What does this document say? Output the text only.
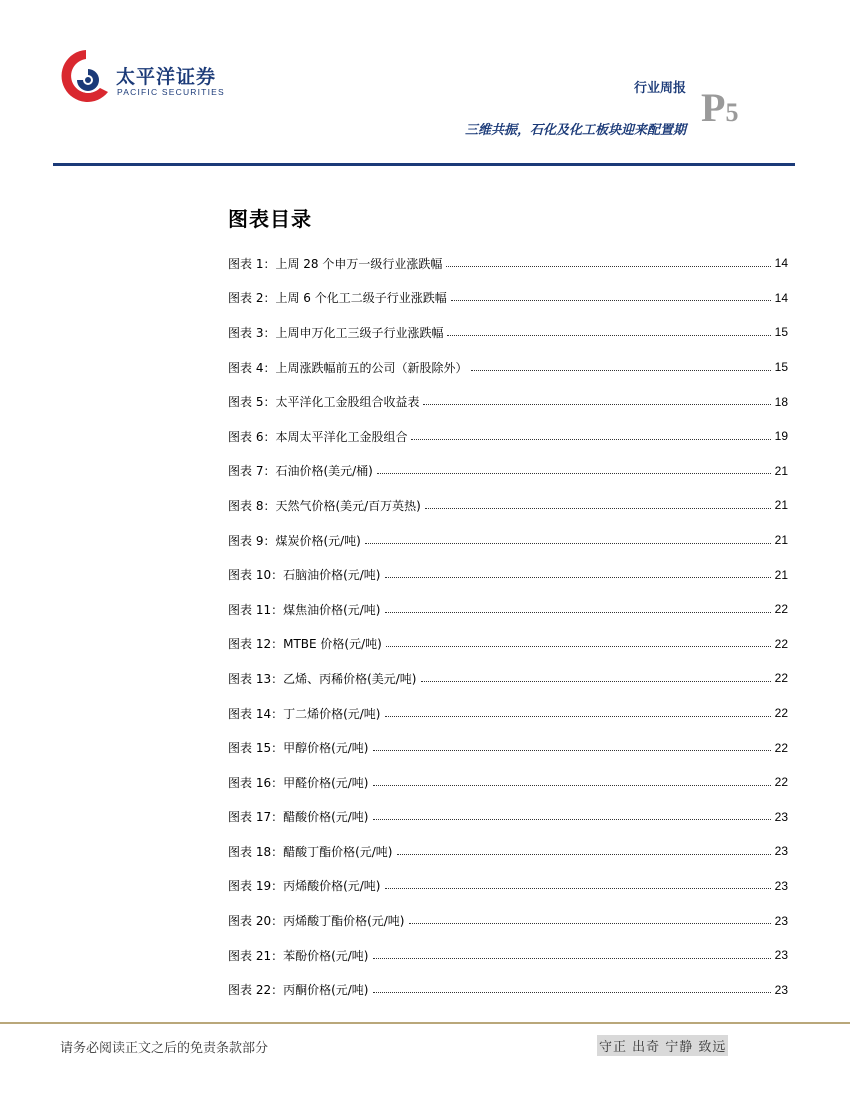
太平洋证券
PACIFIC SECURITIES	行业周报
三维共振，石化及化工板块迎来配置期
P5
图表目录
图表 1：上周 28 个申万一级行业涨跌幅	14
图表 2：上周 6 个化工二级子行业涨跌幅	14
图表 3：上周申万化工三级子行业涨跌幅	15
图表 4：上周涨跌幅前五的公司（新股除外）	15
图表 5：太平洋化工金股组合收益表	18
图表 6：本周太平洋化工金股组合	19
图表 7：石油价格(美元/桶)	21
图表 8：天然气价格(美元/百万英热)	21
图表 9：煤炭价格(元/吨)	21
图表 10：石脑油价格(元/吨)	21
图表 11：煤焦油价格(元/吨)	22
图表 12：MTBE 价格(元/吨)	22
图表 13：乙烯、丙稀价格(美元/吨)	22
图表 14：丁二烯价格(元/吨)	22
图表 15：甲醇价格(元/吨)	22
图表 16：甲醛价格(元/吨)	22
图表 17：醋酸价格(元/吨)	23
图表 18：醋酸丁酯价格(元/吨)	23
图表 19：丙烯酸价格(元/吨)	23
图表 20：丙烯酸丁酯价格(元/吨)	23
图表 21：苯酚价格(元/吨)	23
图表 22：丙酮价格(元/吨)	23
请务必阅读正文之后的免责条款部分	守正 出奇 宁静 致远
